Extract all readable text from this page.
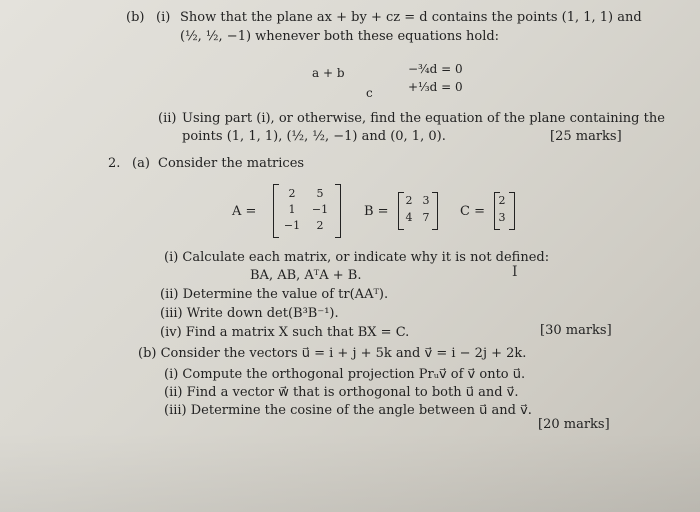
(b) (i) Show that the plane ax + by + cz = d contains the points (1, 1, 1) and
(½, ½, −1) whenever both these equations hold:
a + b	−¾d = 0
c	+⅓d = 0
(ii) Using part (i), or otherwise, find the equation of the plane containing the
points (1, 1, 1), (½, ½, −1) and (0, 1, 0).	[25 marks]
2. (a) Consider the matrices
A =
2	5
1	−1
−1	2
B =
2 3
4 7	C =
2
3
(i) Calculate each matrix, or indicate why it is not defined:
BA, AB, AᵀA + B.	I
(ii) Determine the value of tr(AAᵀ).
(iii) Write down det(B³B⁻¹).
(iv) Find a matrix X such that BX = C.	[30 marks]
(b) Consider the vectors u⃗ = i + j + 5k and v⃗ = i − 2j + 2k.
(i) Compute the orthogonal projection Prᵤv⃗ of v⃗ onto u⃗.
(ii) Find a vector w⃗ that is orthogonal to both u⃗ and v⃗.
(iii) Determine the cosine of the angle between u⃗ and v⃗.
[20 marks]
